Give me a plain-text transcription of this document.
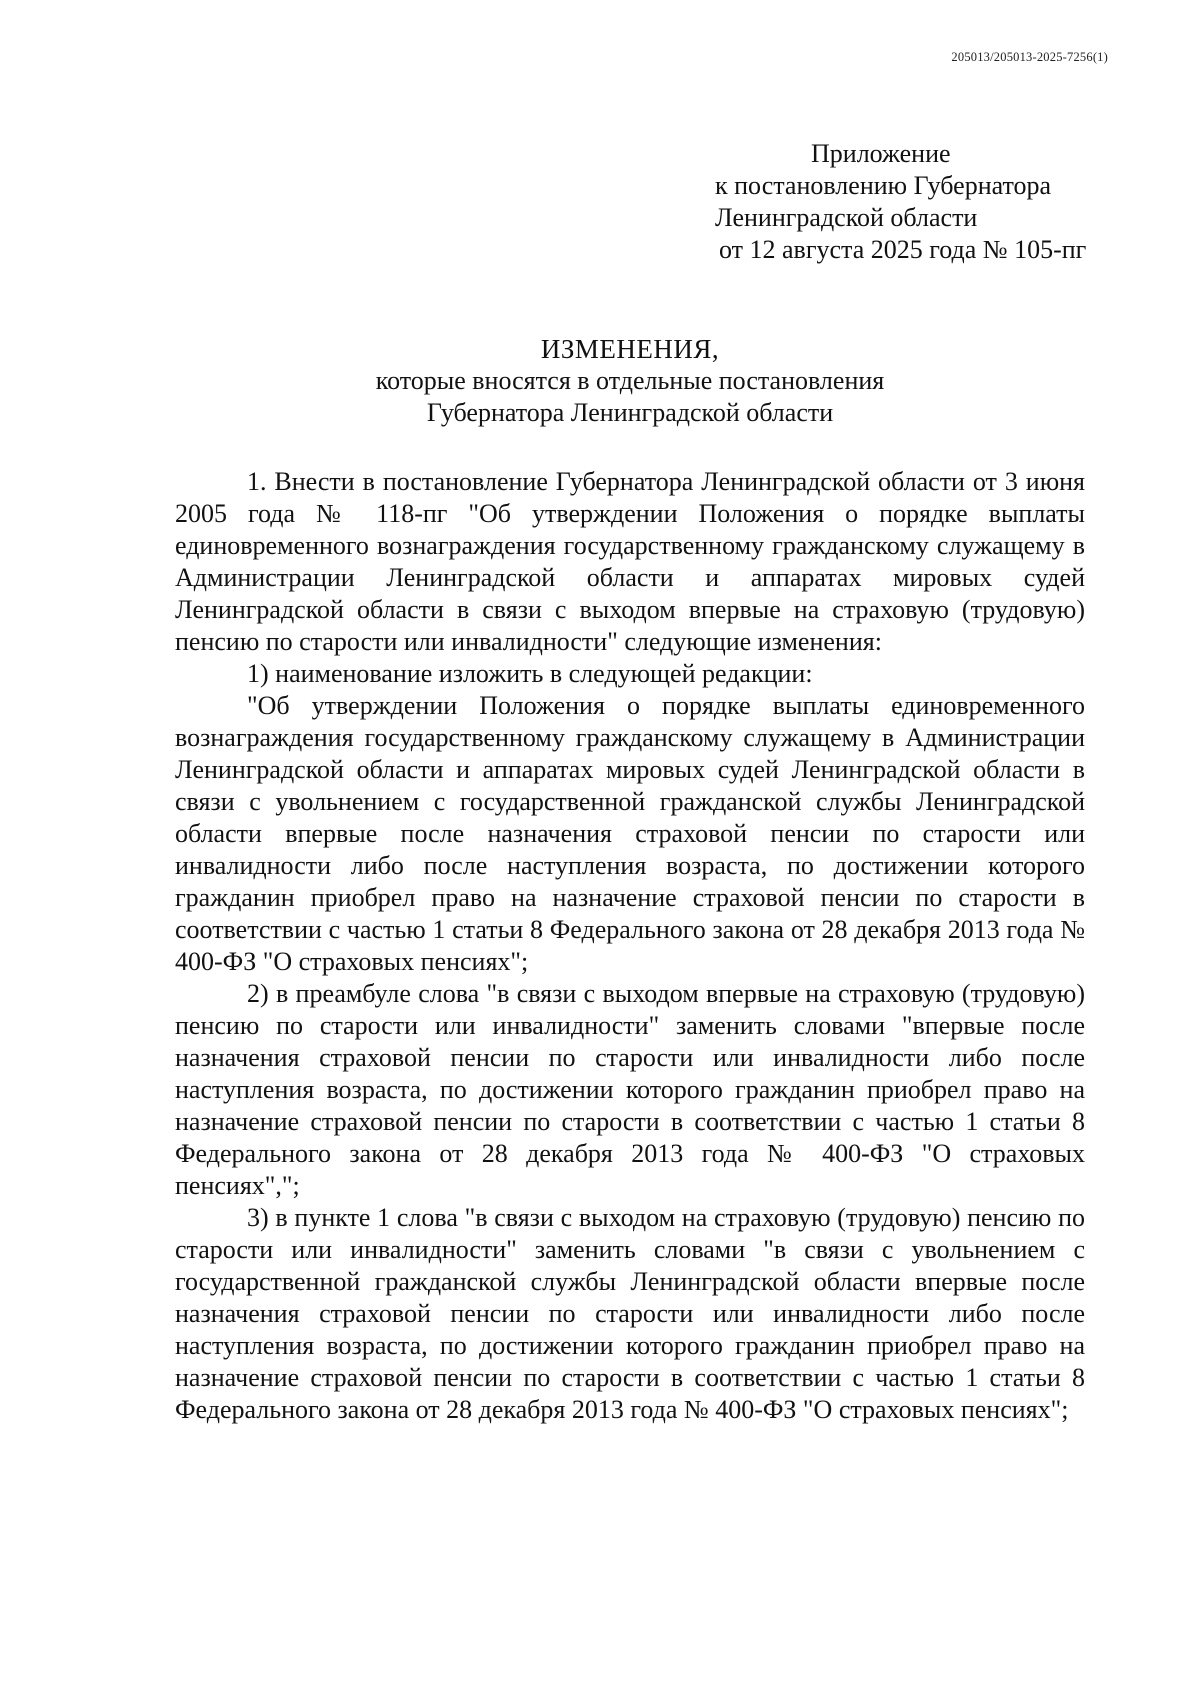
205013/205013-2025-7256(1)
Приложение
к постановлению Губернатора
Ленинградской области
от 12 августа 2025 года № 105-пг
ИЗМЕНЕНИЯ,
которые вносятся в отдельные постановления
Губернатора Ленинградской области

1. Внести в постановление Губернатора Ленинградской области от 3 июня 2005 года № 118-пг "Об утверждении Положения о порядке выплаты единовременного вознаграждения государственному гражданскому служащему в Администрации Ленинградской области и аппаратах мировых судей Ленинградской области в связи с выходом впервые на страховую (трудовую) пенсию по старости или инвалидности" следующие изменения:

1) наименование изложить в следующей редакции:

"Об утверждении Положения о порядке выплаты единовременного вознаграждения государственному гражданскому служащему в Администрации Ленинградской области и аппаратах мировых судей Ленинградской области в связи с увольнением с государственной гражданской службы Ленинградской области впервые после назначения страховой пенсии по старости или инвалидности либо после наступления возраста, по достижении которого гражданин приобрел право на назначение страховой пенсии по старости в соответствии с частью 1 статьи 8 Федерального закона от 28 декабря 2013 года № 400-ФЗ "О страховых пенсиях";

2) в преамбуле слова "в связи с выходом впервые на страховую (трудовую) пенсию по старости или инвалидности" заменить словами "впервые после назначения страховой пенсии по старости или инвалидности либо после наступления возраста, по достижении которого гражданин приобрел право на назначение страховой пенсии по старости в соответствии с частью 1 статьи 8 Федерального закона от 28 декабря 2013 года № 400-ФЗ "О страховых пенсиях",";

3) в пункте 1 слова "в связи с выходом на страховую (трудовую) пенсию по старости или инвалидности" заменить словами "в связи с увольнением с государственной гражданской службы Ленинградской области впервые после назначения страховой пенсии по старости или инвалидности либо после наступления возраста, по достижении которого гражданин приобрел право на назначение страховой пенсии по старости в соответствии с частью 1 статьи 8 Федерального закона от 28 декабря 2013 года № 400-ФЗ "О страховых пенсиях";
